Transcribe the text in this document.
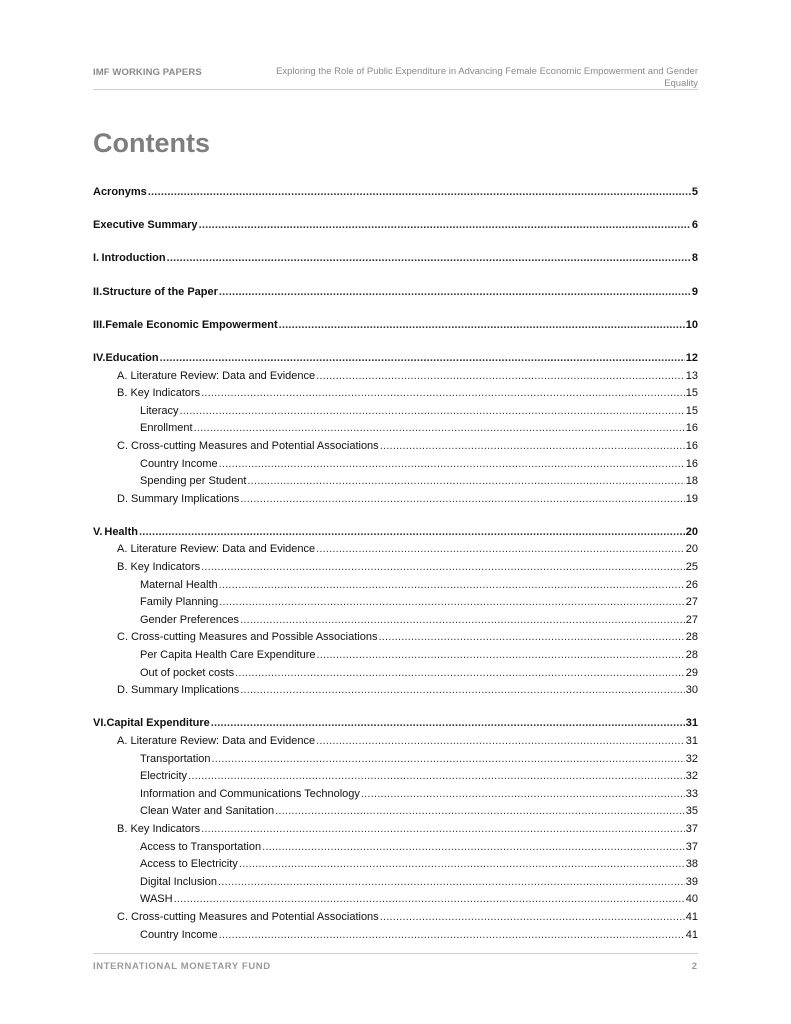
IMF WORKING PAPERS	Exploring the Role of Public Expenditure in Advancing Female Economic Empowerment and Gender Equality
Contents
Acronyms .....	5
Executive Summary .....	6
I. Introduction .....	8
II. Structure of the Paper .....	9
III. Female Economic Empowerment .....	10
IV. Education .....	12
A. Literature Review: Data and Evidence .....	13
B. Key Indicators .....	15
Literacy .....	15
Enrollment .....	16
C. Cross-cutting Measures and Potential Associations .....	16
Country Income .....	16
Spending per Student .....	18
D. Summary Implications .....	19
V. Health .....	20
A. Literature Review: Data and Evidence .....	20
B. Key Indicators .....	25
Maternal Health .....	26
Family Planning .....	27
Gender Preferences .....	27
C. Cross-cutting Measures and Possible Associations .....	28
Per Capita Health Care Expenditure .....	28
Out of pocket costs .....	29
D. Summary Implications .....	30
VI. Capital Expenditure .....	31
A. Literature Review: Data and Evidence .....	31
Transportation .....	32
Electricity .....	32
Information and Communications Technology .....	33
Clean Water and Sanitation .....	35
B. Key Indicators .....	37
Access to Transportation .....	37
Access to Electricity .....	38
Digital Inclusion .....	39
WASH .....	40
C. Cross-cutting Measures and Potential Associations .....	41
Country Income .....	41
INTERNATIONAL MONETARY FUND	2
